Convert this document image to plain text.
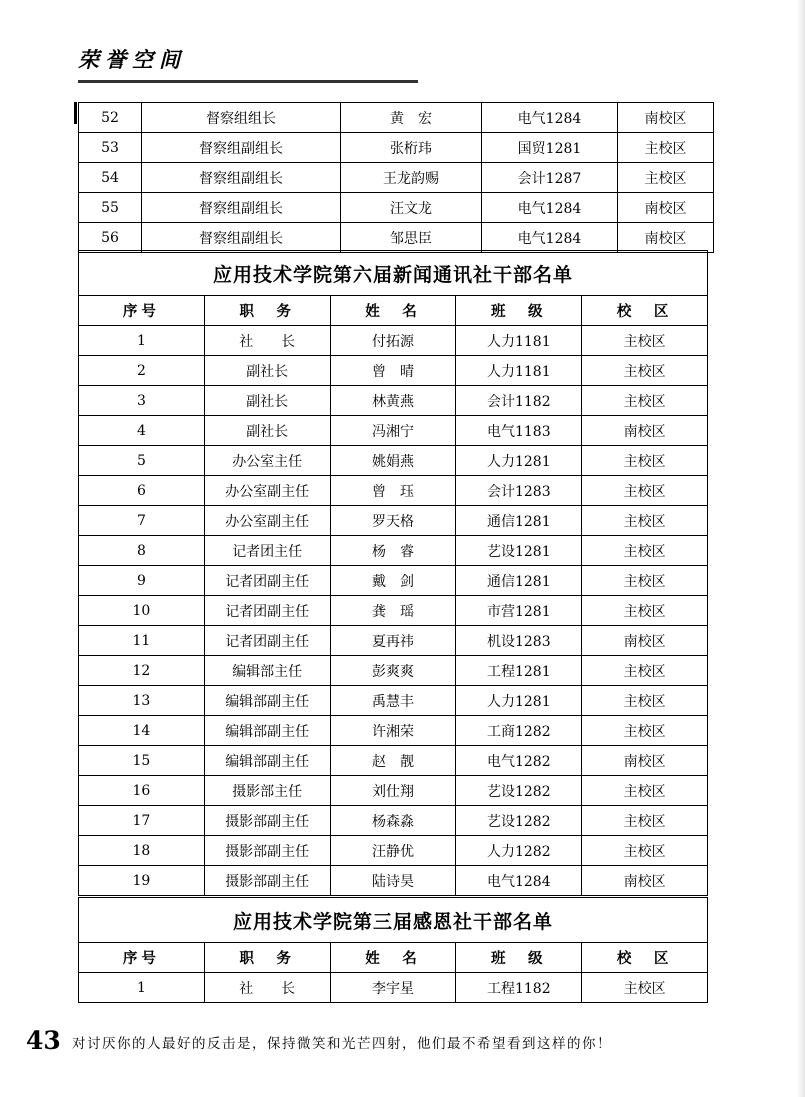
荣誉空间
52	督察组组长	黄　宏	电气1284	南校区
53	督察组副组长	张桁玮	国贸1281	主校区
54	督察组副组长	王龙韵赐	会计1287	主校区
55	督察组副组长	汪文龙	电气1284	南校区
56	督察组副组长	邹思臣	电气1284	南校区
应用技术学院第六届新闻通讯社干部名单				
序号	职　务	姓　名	班　级	校　区
1	社　　长	付拓源	人力1181	主校区
2	副社长	曾　晴	人力1181	主校区
3	副社长	林黄燕	会计1182	主校区
4	副社长	冯湘宁	电气1183	南校区
5	办公室主任	姚娟燕	人力1281	主校区
6	办公室副主任	曾　珏	会计1283	主校区
7	办公室副主任	罗天格	通信1281	主校区
8	记者团主任	杨　睿	艺设1281	主校区
9	记者团副主任	戴　剑	通信1281	主校区
10	记者团副主任	龚　瑶	市营1281	主校区
11	记者团副主任	夏再祎	机设1283	南校区
12	编辑部主任	彭爽爽	工程1281	主校区
13	编辑部副主任	禹慧丰	人力1281	主校区
14	编辑部副主任	许湘荣	工商1282	主校区
15	编辑部副主任	赵　靓	电气1282	南校区
16	摄影部主任	刘仕翔	艺设1282	主校区
17	摄影部副主任	杨森淼	艺设1282	主校区
18	摄影部副主任	汪静优	人力1282	主校区
19	摄影部副主任	陆诗昊	电气1284	南校区
应用技术学院第三届感恩社干部名单				
序号	职　务	姓　名	班　级	校　区
1	社　　长	李宇星	工程1182	主校区
43 对讨厌你的人最好的反击是，保持微笑和光芒四射，他们最不希望看到这样的你！
